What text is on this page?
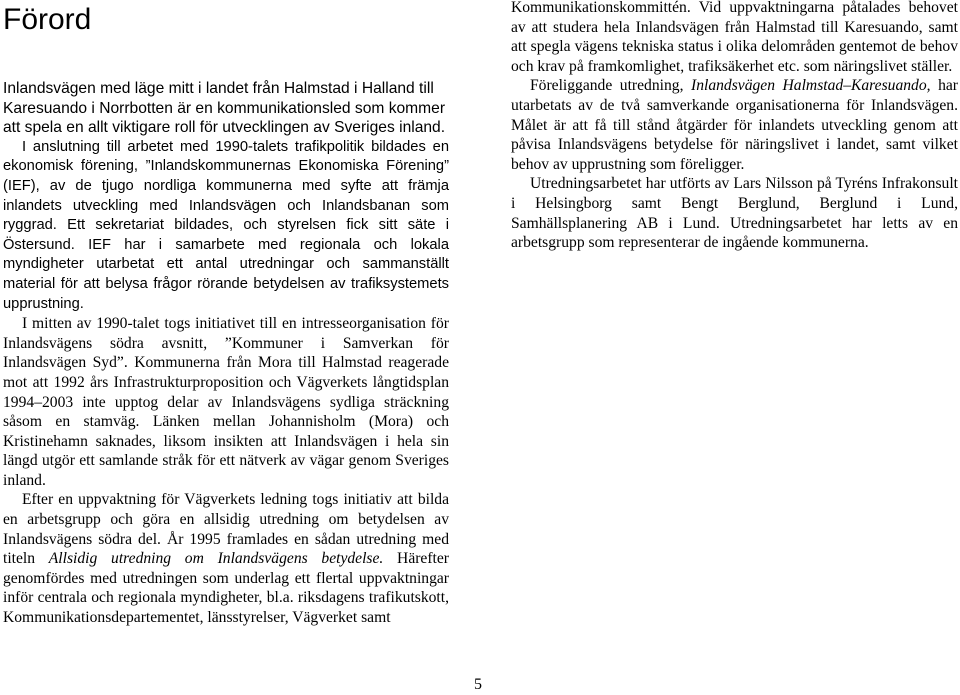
Förord

Inlandsvägen med läge mitt i landet från Halmstad i Halland till Karesuando i Norrbotten är en kommunikationsled som kommer att spela en allt viktigare roll för utvecklingen av Sveriges inland.

I anslutning till arbetet med 1990-talets trafikpolitik bildades en ekonomisk förening, ”Inlandskommunernas Ekonomiska Förening” (IEF), av de tjugo nordliga kommunerna med syfte att främja inlandets utveckling med Inlandsvägen och Inlandsbanan som ryggrad. Ett sekretariat bildades, och styrelsen fick sitt säte i Östersund. IEF har i samarbete med regionala och lokala myndigheter utarbetat ett antal utredningar och sammanställt material för att belysa frågor rörande betydelsen av trafiksystemets upprustning.

I mitten av 1990-talet togs initiativet till en intresseorganisation för Inlandsvägens södra avsnitt, ”Kommuner i Samverkan för Inlandsvägen Syd”. Kommunerna från Mora till Halmstad reagerade mot att 1992 års Infrastrukturproposition och Vägverkets långtidsplan 1994–2003 inte upptog delar av Inlandsvägens sydliga sträckning såsom en stamväg. Länken mellan Johannisholm (Mora) och Kristinehamn saknades, liksom insikten att Inlandsvägen i hela sin längd utgör ett samlande stråk för ett nätverk av vägar genom Sveriges inland.

Efter en uppvaktning för Vägverkets ledning togs initiativ att bilda en arbetsgrupp och göra en allsidig utredning om betydelsen av Inlandsvägens södra del. År 1995 framlades en sådan utredning med titeln Allsidig utredning om Inlandsvägens betydelse. Härefter genomfördes med utredningen som underlag ett flertal uppvaktningar inför centrala och regionala myndigheter, bl.a. riksdagens trafikutskott, Kommunikationsdepartementet, länsstyrelser, Vägverket samt

Kommunikationskommittén. Vid uppvaktningarna påtalades behovet av att studera hela Inlandsvägen från Halmstad till Karesuando, samt att spegla vägens tekniska status i olika delområden gentemot de behov och krav på framkomlighet, trafiksäkerhet etc. som näringslivet ställer.

Föreliggande utredning, Inlandsvägen Halmstad–Karesuando, har utarbetats av de två samverkande organisationerna för Inlandsvägen. Målet är att få till stånd åtgärder för inlandets utveckling genom att påvisa Inlandsvägens betydelse för näringslivet i landet, samt vilket behov av upprustning som föreligger.

Utredningsarbetet har utförts av Lars Nilsson på Tyréns Infrakonsult i Helsingborg samt Bengt Berglund, Berglund i Lund, Samhällsplanering AB i Lund. Utredningsarbetet har letts av en arbetsgrupp som representerar de ingående kommunerna.

5
